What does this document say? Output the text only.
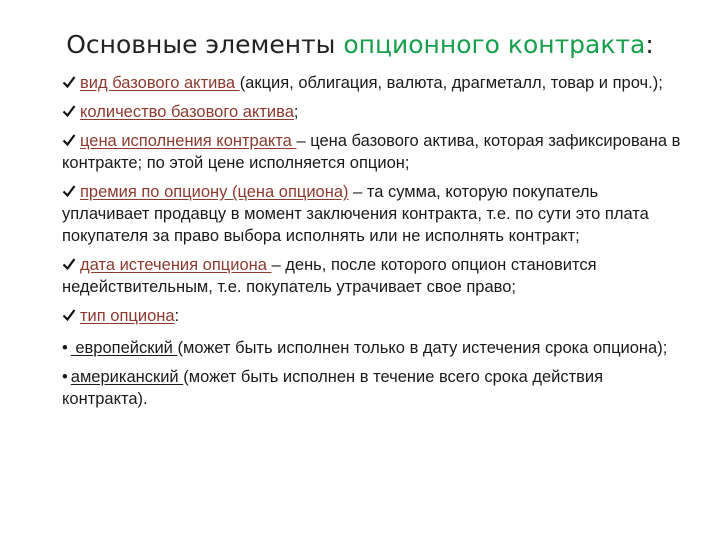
Основные элементы опционного контракта:
вид базового актива (акция, облигация, валюта, драгметалл, товар и проч.);
количество базового актива;
цена исполнения контракта – цена базового актива, которая зафиксирована в контракте; по этой цене исполняется опцион;
премия по опциону (цена опциона) – та сумма, которую покупатель уплачивает продавцу в момент заключения контракта, т.е. по сути это плата покупателя за право выбора исполнять или не исполнять контракт;
дата истечения опциона – день, после которого опцион становится недействительным, т.е. покупатель утрачивает свое право;
тип опциона:
• европейский (может быть исполнен только в дату истечения срока опциона);
• американский (может быть исполнен в течение всего срока действия контракта).
